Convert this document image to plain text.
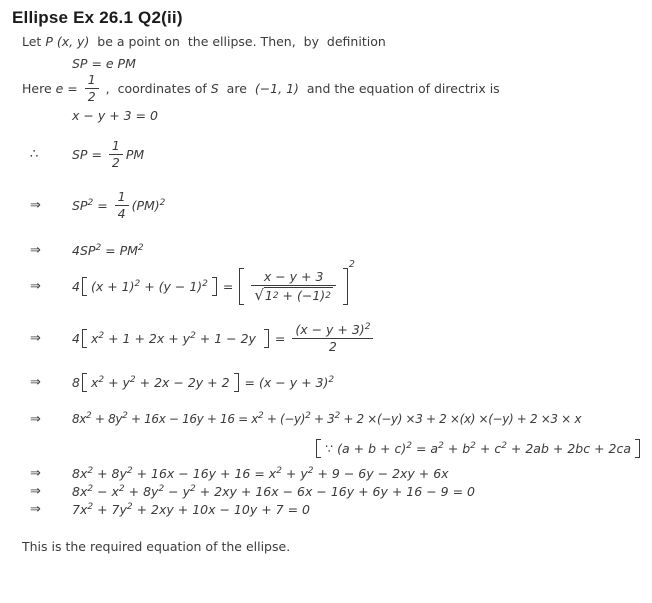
Ellipse Ex 26.1 Q2(ii)
Let P (x, y) be a point on  the ellipse. Then,  by  definition
SP = e PM
Here $e = \frac{1}{2}$ ,  coordinates of S are (−1, 1) and the equation of directrix is
x − y + 3 = 0
∴	SP = $\frac{1}{2}$ PM
⇒	$SP^2 = \frac{1}{4} (PM)^2$
⇒	$4SP^2 = PM^2$
⇒	4 $(x + 1)^2 + (y - 1)^2 = \frac{x - y + 3}{√ 1 2 + (-1) 2}$
2
⇒	4 $x^2 + 1 + 2x + y^2 + 1 - 2y = \frac{(x - y + 3)^2}{2}$
⇒	8 $x^2 + y^2 + 2x - 2y + 2 = (x - y + 3)^2$
⇒	$8x^2 + 8y^2 + 16x - 16y + 16 = x^2 + (-y)^2 + 3^2 + 2 \times(-y) \times 3 + 2 \times(x) \times(-y) + 2 \times 3 \times x$
∵ $(a + b + c)^2 = a^2 + b^2 + c^2 + 2ab + 2bc + 2ca$
⇒	$8x^2 + 8y^2 + 16x - 16y + 16 = x^2 + y^2 + 9 - 6y - 2xy + 6x$
⇒	$8x^2 - x^2 + 8y^2 - y^2 + 2xy + 16x - 6x - 16y + 6y + 16 - 9 = 0$
⇒	$7x^2 + 7y^2 + 2xy + 10x - 10y + 7 = 0$

This is the required equation of the ellipse.
